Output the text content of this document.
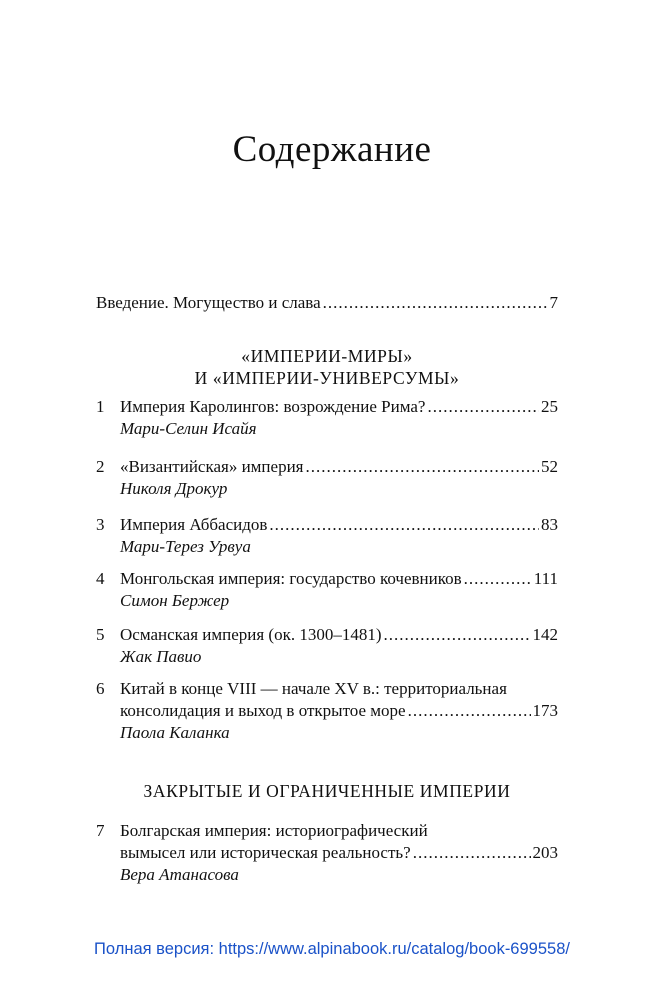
Содержание
Введение. Могущество и слава .....	7
«ИМПЕРИИ-МИРЫ»
И «ИМПЕРИИ-УНИВЕРСУМЫ»
1 Империя Каролингов: возрождение Рима? .....	25
Мари-Селин Исайя
2 «Византийская» империя .....	52
Николя Дрокур
3 Империя Аббасидов .....	83
Мари-Терез Урвуа
4 Монгольская империя: государство кочевников .....	111
Симон Бержер
5 Османская империя (ок. 1300–1481) .....	142
Жак Павио
6 Китай в конце VIII — начале XV в.: территориальная
консолидация и выход в открытое море .....	173
Паола Каланка
ЗАКРЫТЫЕ И ОГРАНИЧЕННЫЕ ИМПЕРИИ
7 Болгарская империя: историографический
вымысел или историческая реальность? .....	203
Вера Атанасова
Полная версия: https://www.alpinabook.ru/catalog/book-699558/
